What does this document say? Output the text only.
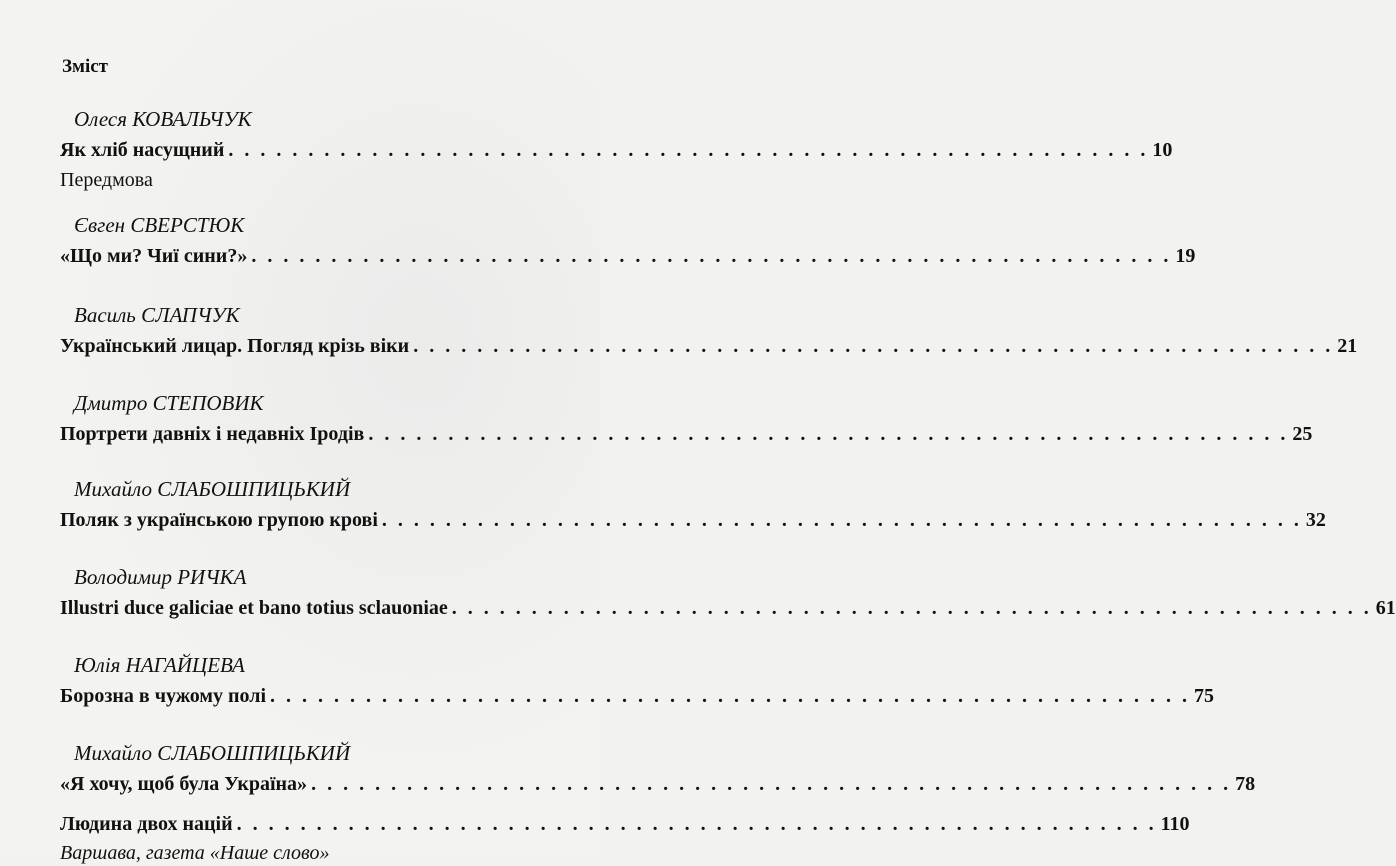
Зміст
Олеся КОВАЛЬЧУК
Як хліб насущний . . . . . . . . . . . . . . . . . . . . . . . . . . . . . . . . . . . . . . . . . . . . . . . . . . . . . . . . . . 10
Передмова
Євген СВЕРСТЮК
«Що ми? Чиї сини?» . . . . . . . . . . . . . . . . . . . . . . . . . . . . . . . . . . . . . . . . . . . . . . . . . . . . . . . . . . 19
Василь СЛАПЧУК
Український лицар. Погляд крізь віки . . . . . . . . . . . . . . . . . . . . . . . . . . . . . . . . . . . . . . . . . . . . . . . . . . . . . . . . . . 21
Дмитро СТЕПОВИК
Портрети давніх і недавніх Іродів . . . . . . . . . . . . . . . . . . . . . . . . . . . . . . . . . . . . . . . . . . . . . . . . . . . . . . . . . . 25
Михайло СЛАБОШПИЦЬКИЙ
Поляк з українською групою крові . . . . . . . . . . . . . . . . . . . . . . . . . . . . . . . . . . . . . . . . . . . . . . . . . . . . . . . . . . 32
Володимир РИЧКА
Illustri duce galiciae et bano totius sclauoniae . . . . . . . . . . . . . . . . . . . . . . . . . . . . . . . . . . . . . . . . . . . . . . . . . . . . . . . . . . 61
Юлія НАГАЙЦЕВА
Борозна в чужому полі . . . . . . . . . . . . . . . . . . . . . . . . . . . . . . . . . . . . . . . . . . . . . . . . . . . . . . . . . . 75
Михайло СЛАБОШПИЦЬКИЙ
«Я хочу, щоб була Україна» . . . . . . . . . . . . . . . . . . . . . . . . . . . . . . . . . . . . . . . . . . . . . . . . . . . . . . . . . . 78
Людина двох націй . . . . . . . . . . . . . . . . . . . . . . . . . . . . . . . . . . . . . . . . . . . . . . . . . . . . . . . . . . 110
Варшава, газета «Наше слово»
